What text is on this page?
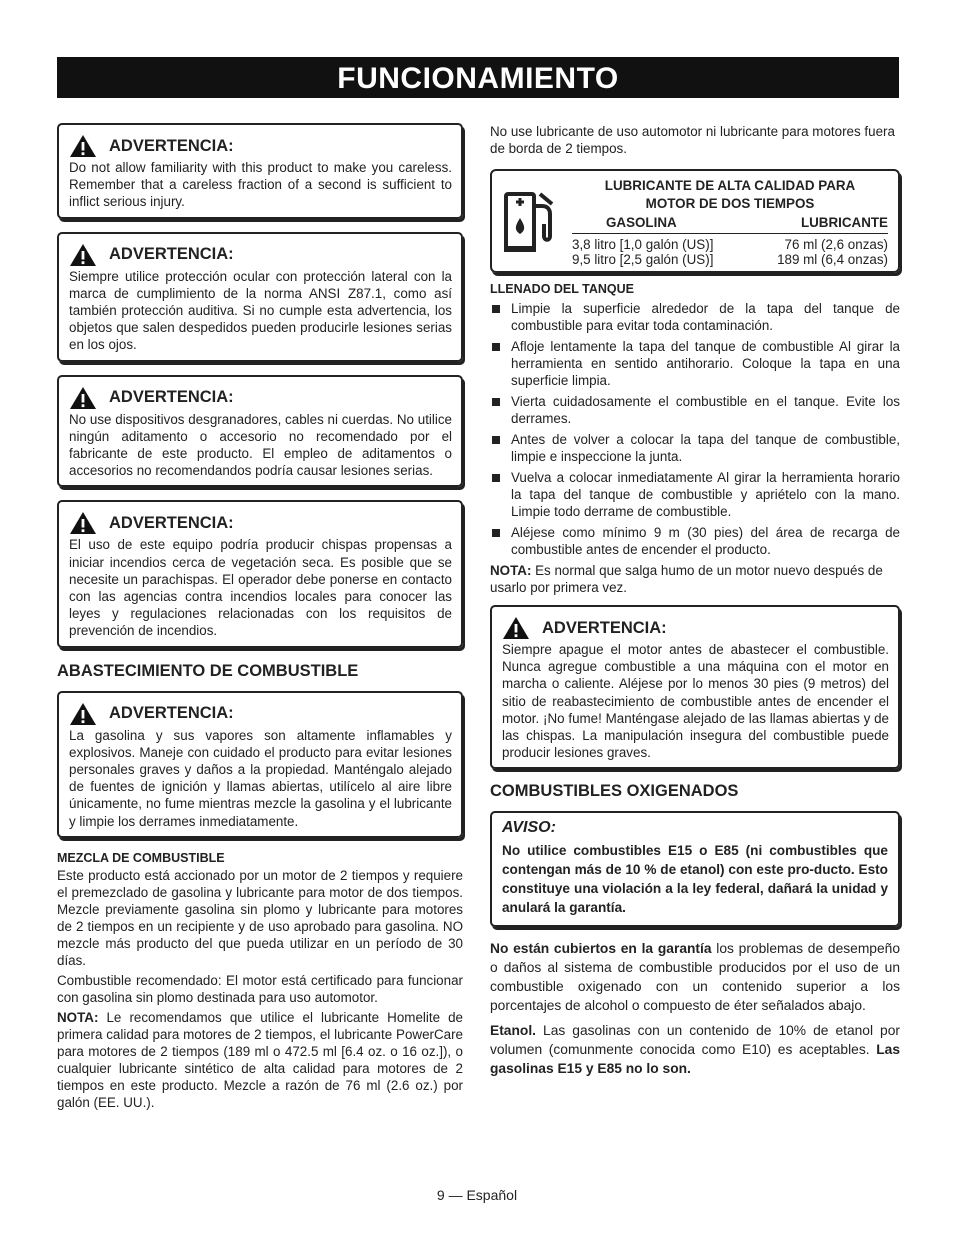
FUNCIONAMIENTO
ADVERTENCIA:
Do not allow familiarity with this product to make you careless. Remember that a careless fraction of a second is sufficient to inflict serious injury.
ADVERTENCIA:
Siempre utilice protección ocular con protección lateral con la marca de cumplimiento de la norma ANSI Z87.1, como así también protección auditiva. Si no cumple esta advertencia, los objetos que salen despedidos pueden producirle lesiones serias en los ojos.
ADVERTENCIA:
No use dispositivos desgranadores, cables ni cuerdas. No utilice ningún aditamento o accesorio no recomendado por el fabricante de este producto. El empleo de aditamentos o accesorios no recomendandos podría causar lesiones serias.
ADVERTENCIA:
El uso de este equipo podría producir chispas propensas a iniciar incendios cerca de vegetación seca. Es posible que se necesite un parachispas. El operador debe ponerse en contacto con las agencias contra incendios locales para conocer las leyes y regulaciones relacionadas con los requisitos de prevención de incendios.
ABASTECIMIENTO DE COMBUSTIBLE
ADVERTENCIA:
La gasolina y sus vapores son altamente inflamables y explosivos. Maneje con cuidado el producto para evitar lesiones personales graves y daños a la propiedad. Manténgalo alejado de fuentes de ignición y llamas abiertas, utilícelo al aire libre únicamente, no fume mientras mezcle la gasolina y el lubricante y limpie los derrames inmediatamente.
MEZCLA DE COMBUSTIBLE

Este producto está accionado por un motor de 2 tiempos y requiere el premezclado de gasolina y lubricante para motor de dos tiempos. Mezcle previamente gasolina sin plomo y lubricante para motores de 2 tiempos en un recipiente y de uso aprobado para gasolina. NO mezcle más producto del que pueda utilizar en un período de 30 días.

Combustible recomendado: El motor está certificado para funcionar con gasolina sin plomo destinada para uso automotor.

NOTA: Le recomendamos que utilice el lubricante Homelite de primera calidad para motores de 2 tiempos, el lubricante PowerCare para motores de 2 tiempos (189 ml o 472.5 ml [6.4 oz. o 16 oz.]), o cualquier lubricante sintético de alta calidad para motores de 2 tiempos en este producto. Mezcle a razón de 76 ml (2.6 oz.) por galón (EE. UU.).

No use lubricante de uso automotor ni lubricante para motores fuera de borda de 2 tiempos.

LUBRICANTE DE ALTA CALIDAD PARA
MOTOR DE DOS TIEMPOS
GASOLINA	LUBRICANTE
3,8 litro [1,0 galón (US)]	76 ml (2,6 onzas)
9,5 litro [2,5 galón (US)]	189 ml (6,4 onzas)
LLENADO DEL TANQUE
Limpie la superficie alrededor de la tapa del tanque de combustible para evitar toda contaminación.
Afloje lentamente la tapa del tanque de combustible Al girar la herramienta en sentido antihorario. Coloque la tapa en una superficie limpia.
Vierta cuidadosamente el combustible en el tanque. Evite los derrames.
Antes de volver a colocar la tapa del tanque de combustible, limpie e inspeccione la junta.
Vuelva a colocar inmediatamente Al girar la herramienta horario la tapa del tanque de combustible y apriételo con la mano. Limpie todo derrame de combustible.
Aléjese como mínimo 9 m (30 pies) del área de recarga de combustible antes de encender el producto.

NOTA: Es normal que salga humo de un motor nuevo después de usarlo por primera vez.

ADVERTENCIA:
Siempre apague el motor antes de abastecer el combustible. Nunca agregue combustible a una máquina con el motor en marcha o caliente. Aléjese por lo menos 30 pies (9 metros) del sitio de reabastecimiento de combustible antes de encender el motor. ¡No fume! Manténgase alejado de las llamas abiertas y de las chispas. La manipulación insegura del combustible puede producir lesiones graves.
COMBUSTIBLES OXIGENADOS
AVISO:
No utilice combustibles E15 o E85 (ni combustibles que contengan más de 10 % de etanol) con este pro-ducto. Esto constituye una violación a la ley federal, dañará la unidad y anulará la garantía.

No están cubiertos en la garantía los problemas de desempeño o daños al sistema de combustible producidos por el uso de un combustible oxigenado con un contenido superior a los porcentajes de alcohol o compuesto de éter señalados abajo.

Etanol. Las gasolinas con un contenido de 10% de etanol por volumen (comunmente conocida como E10) es aceptables. Las gasolinas E15 y E85 no lo son.

9 — Español
